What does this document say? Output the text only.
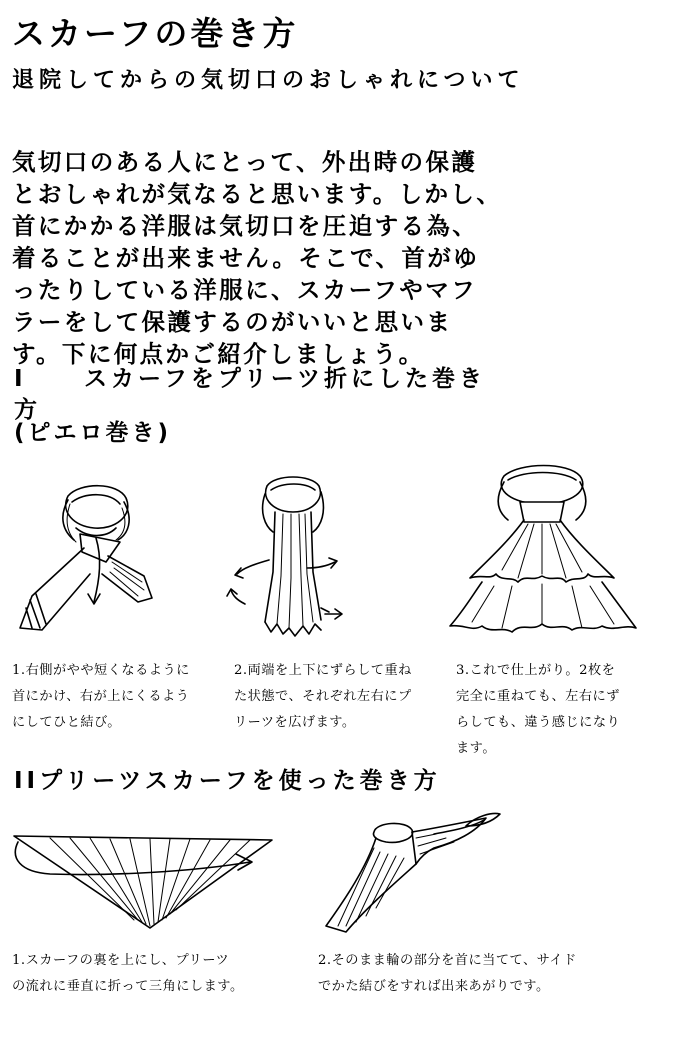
スカーフの巻き方
退院してからの気切口のおしゃれについて

気切口のある人にとって、外出時の保護

とおしゃれが気なると思います。しかし、

首にかかる洋服は気切口を圧迫する為、

着ることが出来ません。そこで、首がゆ

ったりしている洋服に、スカーフやマフ

ラーをして保護するのがいいと思いま

す。下に何点かご紹介しましょう。

I スカーフをプリーツ折にした巻き
方
(ピエロ巻き)

1.右側がやや短くなるように

首にかけ、右が上にくるよう

にしてひと結び。

2.両端を上下にずらして重ね

た状態で、それぞれ左右にプ

リーツを広げます。

3.これで仕上がり。2枚を

完全に重ねても、左右にず

らしても、違う感じになり

ます。

IIプリーツスカーフを使った巻き方

1.スカーフの裏を上にし、プリーツ

の流れに垂直に折って三角にします。

2.そのまま輪の部分を首に当てて、サイド

でかた結びをすれば出来あがりです。
